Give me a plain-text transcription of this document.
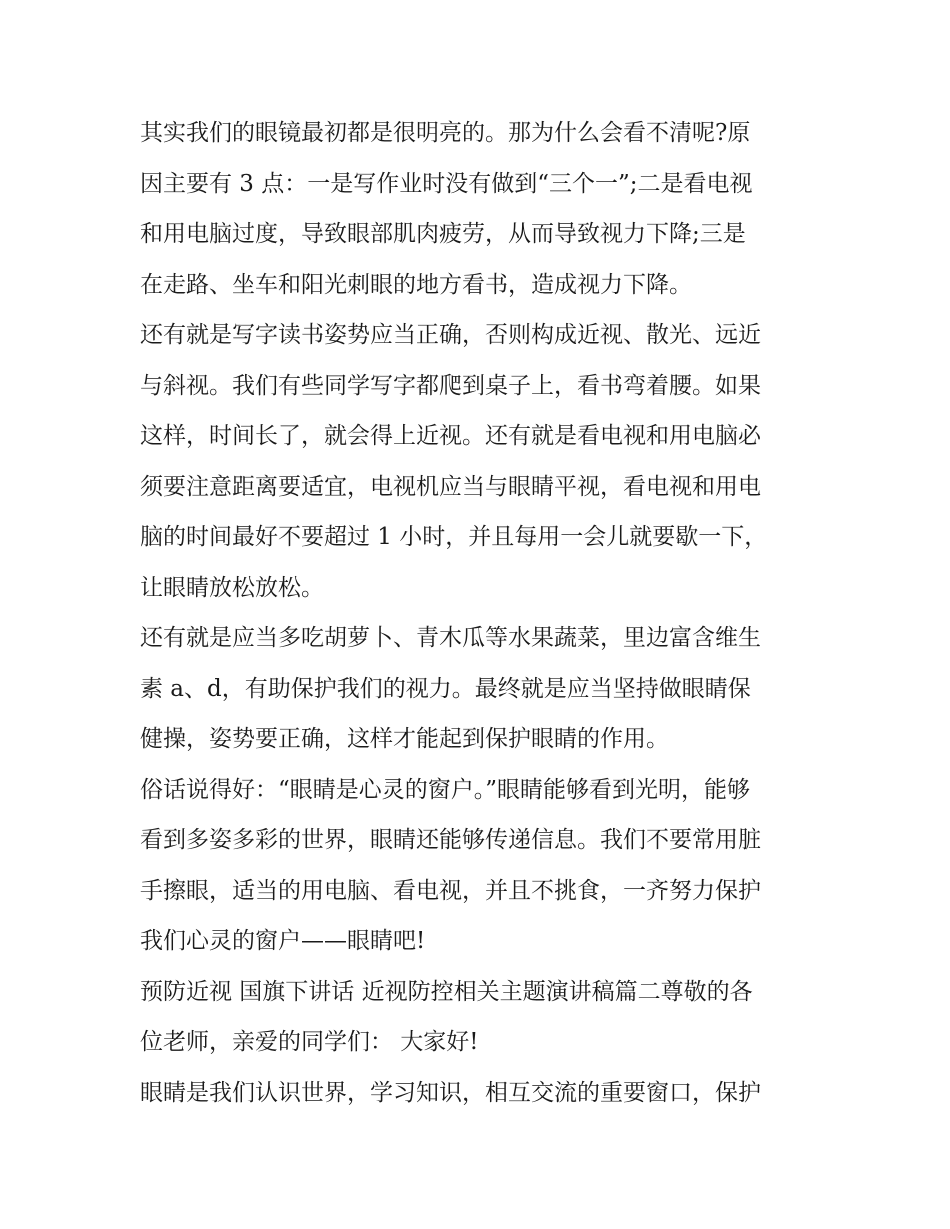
其实我们的眼镜最初都是很明亮的。那为什么会看不清呢?原
因主要有 3 点：一是写作业时没有做到“三个一”;二是看电视
和用电脑过度，导致眼部肌肉疲劳，从而导致视力下降;三是
在走路、坐车和阳光刺眼的地方看书，造成视力下降。
还有就是写字读书姿势应当正确，否则构成近视、散光、远近
与斜视。我们有些同学写字都爬到桌子上，看书弯着腰。如果
这样，时间长了，就会得上近视。还有就是看电视和用电脑必
须要注意距离要适宜，电视机应当与眼睛平视，看电视和用电
脑的时间最好不要超过 1 小时，并且每用一会儿就要歇一下，
让眼睛放松放松。
还有就是应当多吃胡萝卜、青木瓜等水果蔬菜，里边富含维生
素 a、d，有助保护我们的视力。最终就是应当坚持做眼睛保
健操，姿势要正确，这样才能起到保护眼睛的作用。
俗话说得好：“眼睛是心灵的窗户。”眼睛能够看到光明，能够
看到多姿多彩的世界，眼睛还能够传递信息。我们不要常用脏
手擦眼，适当的用电脑、看电视，并且不挑食，一齐努力保护
我们心灵的窗户——眼睛吧!
预防近视 国旗下讲话 近视防控相关主题演讲稿篇二尊敬的各
位老师，亲爱的同学们： 大家好!
眼睛是我们认识世界，学习知识，相互交流的重要窗口，保护
